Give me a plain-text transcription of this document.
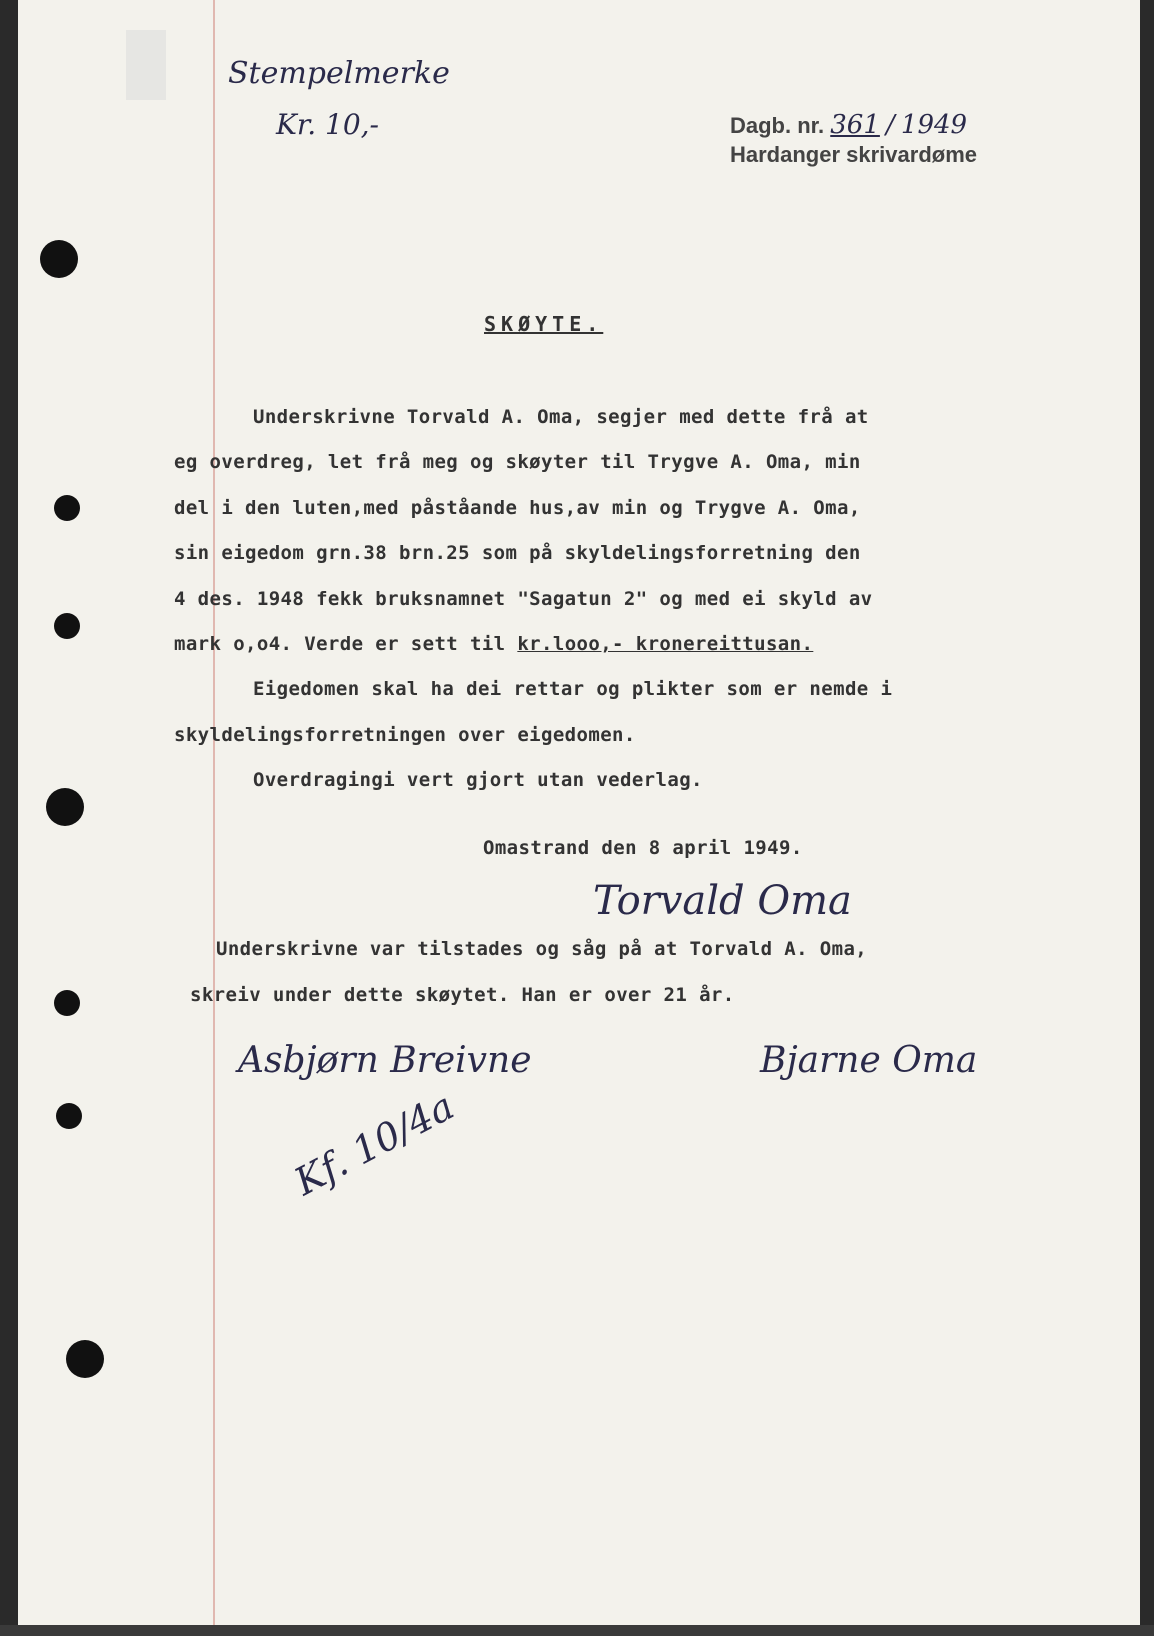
Stempelmerke
Kr. 10,-	Dagb. nr. 361 / 1949
Hardanger skrivardøme
SKØYTE.
Underskrivne Torvald A. Oma, segjer med dette frå at
eg overdreg, let frå meg og skøyter til Trygve A. Oma, min
del i den luten,med påståande hus,av min og Trygve A. Oma,
sin eigedom grn.38 brn.25 som på skyldelingsforretning den
4 des. 1948 fekk bruksnamnet "Sagatun 2" og med ei skyld av
mark o,o4. Verde er sett til kr.looo,- kronereittusan.
Eigedomen skal ha dei rettar og plikter som er nemde i
skyldelingsforretningen over eigedomen.
Overdragingi vert gjort utan vederlag.
Omastrand den 8 april 1949.
Torvald Oma
Underskrivne var tilstades og såg på at Torvald A. Oma,
skreiv under dette skøytet. Han er over 21 år.
Asbjørn Breivne	Bjarne Oma
Kf. 10/4a
